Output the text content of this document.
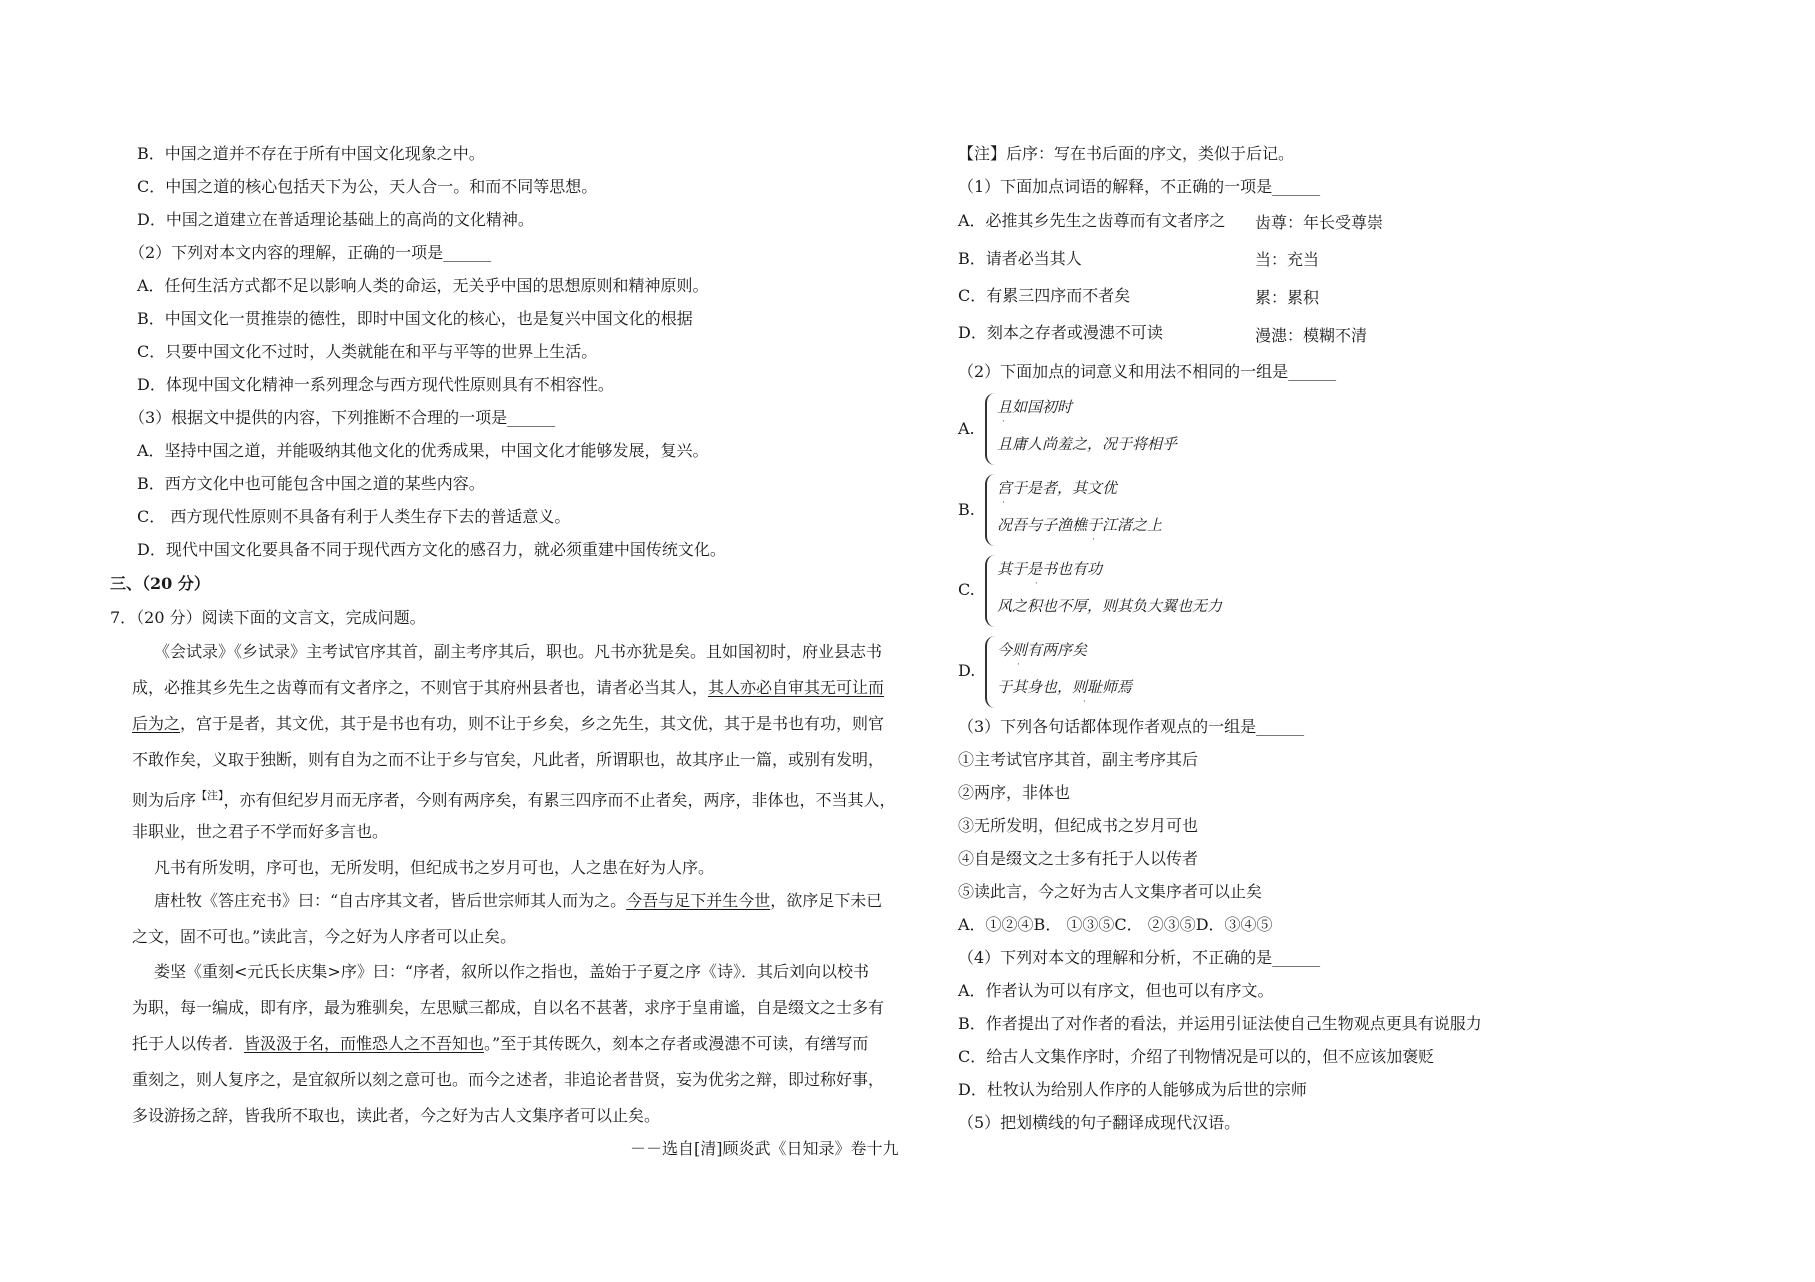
B．中国之道并不存在于所有中国文化现象之中。
C．中国之道的核心包括天下为公，天人合一。和而不同等思想。
D．中国之道建立在普适理论基础上的高尚的文化精神。
（2）下列对本文内容的理解，正确的一项是______
A．任何生活方式都不足以影响人类的命运，无关乎中国的思想原则和精神原则。
B．中国文化一贯推崇的德性，即时中国文化的核心，也是复兴中国文化的根据
C．只要中国文化不过时，人类就能在和平与平等的世界上生活。
D．体现中国文化精神一系列理念与西方现代性原则具有不相容性。
（3）根据文中提供的内容，下列推断不合理的一项是______
A．坚持中国之道，并能吸纳其他文化的优秀成果，中国文化才能够发展，复兴。
B．西方文化中也可能包含中国之道的某些内容。
C． 西方现代性原则不具备有利于人类生存下去的普适意义。
D．现代中国文化要具备不同于现代西方文化的感召力，就必须重建中国传统文化。
三、（20 分）
7．（20 分）阅读下面的文言文，完成问题。
《会试录》《乡试录》主考试官序其首，副主考序其后，职也。凡书亦犹是矣。且如国初时，府业县志书
成，必推其乡先生之齿尊而有文者序之，不则官于其府州县者也，请者必当其人，其人亦必自审其无可让而
后为之，宫于是者，其文优，其于是书也有功，则不让于乡矣，乡之先生，其文优，其于是书也有功，则官
不敢作矣，义取于独断，则有自为之而不让于乡与官矣，凡此者，所谓职也，故其序止一篇，或别有发明，
则为后序$^{【注】}$，亦有但纪岁月而无序者，今则有两序矣，有累三四序而不止者矣，两序，非体也，不当其人，
非职业，世之君子不学而好多言也。
凡书有所发明，序可也，无所发明，但纪成书之岁月可也，人之患在好为人序。
唐杜牧《答庄充书》曰：“自古序其文者，皆后世宗师其人而为之。今吾与足下并生今世，欲序足下未已
之文，固不可也。”读此言，今之好为人序者可以止矣。
娄坚《重刻<元氏长庆集>序》曰：“序者，叙所以作之指也，盖始于子夏之序《诗》．其后刘向以校书
为职，每一编成，即有序，最为雅驯矣，左思赋三都成，自以名不甚著，求序于皇甫谧，自是缀文之士多有
托于人以传者．皆汲汲于名，而惟恐人之不吾知也。”至于其传既久，刻本之存者或漫漶不可读，有缮写而
重刻之，则人复序之，是宜叙所以刻之意可也。而今之述者，非追论者昔贤，妄为优劣之辩，即过称好事，
多设游扬之辞，皆我所不取也，读此者，今之好为古人文集序者可以止矣。
－－选自[清]顾炎武《日知录》卷十九
【注】后序：写在书后面的序文，类似于后记。
（1）下面加点词语的解释，不正确的一项是______
A．必推其乡先生之齿尊而有文者序之 齿尊：年长受尊崇
B．请者必当其人	当：充当
C．有累三四序而不者矣	累：累积
D．刻本之存者或漫漶不可读	漫漶：模糊不清
（2）下面加点的词意义和用法不相同的一组是______
A.
且如国初时
·
且庸人尚羞之，况于将相乎
B.
宫于是者，其文优
·
况吾与子渔樵于江渚之上
·
C.
其于是书也有功
·
风之积也不厚，则其负大翼也无力
D.
今则有两序矣
·
于其身也，则耻师焉
·
（3）下列各句话都体现作者观点的一组是______
①主考试官序其首，副主考序其后
②两序，非体也
③无所发明，但纪成书之岁月可也
④自是缀文之士多有托于人以传者
⑤读此言，今之好为古人文集序者可以止矣
A．①②④B． ①③⑤C． ②③⑤D．③④⑤
（4）下列对本文的理解和分析，不正确的是______
A．作者认为可以有序文，但也可以有序文。
B．作者提出了对作者的看法，并运用引证法使自己生物观点更具有说服力
C．给古人文集作序时，介绍了刊物情况是可以的，但不应该加褒贬
D．杜牧认为给别人作序的人能够成为后世的宗师
（5）把划横线的句子翻译成现代汉语。
